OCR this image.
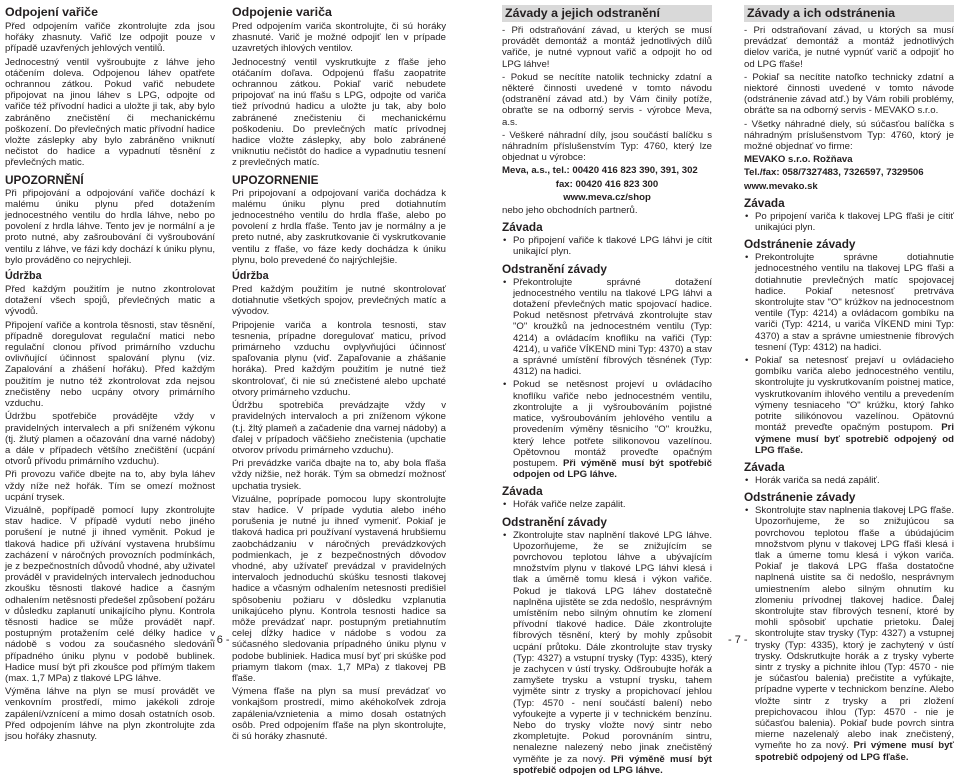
Odpojení vařiče

Před odpojením vařiče zkontrolujte zda jsou hořáky zhasnuty. Vařič lze odpojit pouze v případě uzavřených jehlových ventilů.

Jednocestný ventil vyšroubujte z láhve jeho otáčením doleva. Odpojenou láhev opatřete ochrannou zátkou. Pokud vařič nebudete připojovat na jinou láhev s LPG, odpojte od vařiče též přívodní hadici a uložte ji tak, aby bylo zabráněno znečistění či mechanickému poškození. Do převlečných matic přívodní hadice vložte záslepky aby bylo zabráněno vniknutí nečistot do hadice a vypadnutí těsnění z převlečných matic.

UPOZORNĚNÍ

Při připojování a odpojování vařiče dochází k malému úniku plynu před dotažením jednocestného ventilu do hrdla láhve, nebo po povolení z hrdla láhve. Tento jev je normální a je proto nutné, aby zašroubování či vyšroubování ventilu z láhve, ve fázi kdy dochází k úniku plynu, bylo prováděno co nejrychleji.

Údržba

Před každým použitím je nutno zkontrolovat dotažení všech spojů, převlečných matic a vývodů.

Připojení vařiče a kontrola těsnosti, stav těsnění, případně doregulovat regulační matici nebo regulační clonou přívod primárního vzduchu ovlivňující účinnost spalování plynu (viz. Zapalování a zhášení hořáku). Před každým použitím je nutno též zkontrolovat zda nejsou znečistěny nebo ucpány otvory primárního vzduchu.

Údržbu spotřebiče provádějte vždy v pravidelných intervalech a při sníženém výkonu (tj. žlutý plamen a očazování dna varné nádoby) a dále v případech většího znečištění (ucpání otvorů přívodu primárního vzduchu).

Při provozu vařiče dbejte na to, aby byla láhev vždy níže než hořák. Tím se omezí možnost ucpání trysek.

Vizuálně, popřípadě pomocí lupy zkontrolujte stav hadice. V případě vydutí nebo jiného porušení je nutné ji ihned vyměnit. Pokud je tlaková hadice při užívání vystavena hrubšímu zacházení v náročných provozních podmínkách, je z bezpečnostních důvodů vhodné, aby uživatel prováděl v pravidelných intervalech jednoduchou zkoušku těsnosti tlakové hadice a časným odhalením netěsnosti předešel způsobení požáru v důsledku zaplanutí unikajícího plynu. Kontrola těsnosti hadice se může provádět např. postupným protažením celé délky hadice v nádobě s vodou za současného sledování případného úniku plynu v podobě bublinek. Hadice musí být při zkoušce pod přímým tlakem (max. 1,7 MPa) z tlakové LPG láhve.

Výměna láhve na plyn se musí provádět ve venkovním prostředí, mimo jakékoli zdroje zapálení/vznícení a mimo dosah ostatních osob. Před odpojením láhve na plyn zkontrolujte zda jsou hořáky zhasnuty.

Odpojenie variča

Pred odpojením variča skontrolujte, či sú horáky zhasnuté. Varič je možné odpojiť len v prípade uzavretých ihlových ventilov.

Jednocestný ventil vyskrutkujte z fľaše jeho otáčaním doľava. Odpojenú fľašu zaopatrite ochrannou zátkou. Pokiaľ varič nebudete pripojovať na inú fľašu s LPG, odpojte od variča tiež prívodnú hadicu a uložte ju tak, aby bolo zabránené znečisteniu či mechanickému poškodeniu. Do prevlečných matíc prívodnej hadice vložte záslepky, aby bolo zabránené vniknutiu nečistôt do hadice a vypadnutiu tesnení z prevlečných matíc.

UPOZORNENIE

Pri pripojovaní a odpojovaní variča dochádza k malému úniku plynu pred dotiahnutím jednocestného ventilu do hrdla fľaše, alebo po povolení z hrdla fľaše. Tento jav je normálny a je preto nutné, aby zaskrutkovanie či vyskrutkovanie ventilu z fľaše, vo fáze kedy dochádza k úniku plynu, bolo prevedené čo najrýchlejšie.

Údržba

Pred každým použitím je nutné skontrolovať dotiahnutie všetkých spojov, prevlečných matíc a vývodov.

Pripojenie variča a kontrola tesnosti, stav tesnenia, prípadne doregulovať maticu, prívod primárneho vzduchu ovplyvňujúci účinnosť spaľovania plynu (viď. Zapaľovanie a zhášanie horáka). Pred každým použitím je nutné tiež skontrolovať, či nie sú znečistené alebo upchaté otvory primárneho vzduchu.

Údržbu spotrebiča prevádzajte vždy v pravidelných intervaloch a pri zníženom výkone (t.j. žltý plameň a začadenie dna varnej nádoby) a ďalej v prípadoch väčšieho znečistenia (upchatie otvorov prívodu primárneho vzduchu).

Pri prevádzke variča dbajte na to, aby bola fľaša vždy nižšie, než horák. Tým sa obmedzí možnosť upchatia trysiek.

Vizuálne, poprípade pomocou lupy skontrolujte stav hadice. V prípade vydutia alebo iného porušenia je nutné ju ihneď vymeniť. Pokiaľ je tlaková hadica pri používaní vystavená hrubšiemu zaobchádzaniu v náročných prevádzkových podmienkach, je z bezpečnostných dôvodov vhodné, aby užívateľ prevádzal v pravidelných intervaloch jednoduchú skúšku tesnosti tlakovej hadice a včasným odhalením netesnosti predišiel spôsobeniu požiaru v dôsledku vzplanutia unikajúceho plynu. Kontrola tesnosti hadice sa môže prevádzať napr. postupným pretiahnutím celej dĺžky hadice v nádobe s vodou za súčasného sledovania prípadného úniku plynu v podobe bubliniek. Hadica musí byť pri skúške pod priamym tlakom (max. 1,7 MPa) z tlakovej PB fľaše.

Výmena fľaše na plyn sa musí prevádzať vo vonkajšom prostredí, mimo akéhokoľvek zdroja zapálenia/vznietenia a mimo dosah ostatných osôb. Pred odpojením fľaše na plyn skontrolujte, či sú horáky zhasnuté.

Závady a jejich odstranění
- Při odstraňování závad, u kterých se musí provádět demontáž a montáž jednotlivých dílů vařiče, je nutné vypnout vařič a odpojit ho od LPG láhve!
- Pokud se necítíte natolik technicky zdatní a některé činnosti uvedené v tomto návodu (odstranění závad atd.) by Vám činily potíže, obraťte se na odborný servis - výrobce Meva, a.s.
- Veškeré náhradní díly, jsou součástí balíčku s náhradním příslušenstvím Typ: 4760, který lze objednat u výrobce:

Meva, a.s., tel.: 00420 416 823 390, 391, 302

fax: 00420 416 823 300

www.meva.cz/shop

nebo jeho obchodních partnerů.

Závada
• Po připojení vařiče k tlakové LPG láhvi je cítit unikající plyn.
Odstranění závady
• Překontrolujte správné dotažení jednocestného ventilu na tlakové LPG láhvi a dotažení převlečných matic spojovací hadice. Pokud netěsnost přetrvává zkontrolujte stav "O" kroužků na jednocestném ventilu (Typ: 4214) a ovládacím knoflíku na vařiči (Typ: 4214), u vařiče VÍKEND mini Typ: 4370) a stav a správné umístění fíbrových těsnének (Typ: 4312) na hadici.
• Pokud se netěsnost projeví u ovládacího knoflíku vařiče nebo jednocestném ventilu, zkontrolujte a ji vyšroubováním pojistné matice, vyšroubováním jehlového ventilu a provedením výměny těsnicího "O" kroužku, který lehce potřete silikonovou vazelínou. Opětovnou montáž proveďte opačným postupem. Při výměně musí být spotřebič odpojen od LPG láhve.
Závada
• Hořák vařiče nelze zapálit.
Odstranění závady
• Zkontrolujte stav naplnění tlakové LPG láhve. Upozorňujeme, že se znižujícím se povrchovou teplotou láhve a ubývajícím množstvím plynu v tlakové LPG láhvi klesá i tlak a úměrně tomu klesá i výkon vařiče. Pokud je tlaková LPG láhev dostatečně naplněna ujistěte se zda nedošlo, nesprávným umístěním nebo silným ohnutím ke zlomení přívodní tlakové hadice. Dále zkontrolujte fíbrových těsnění, který by mohly způsobit ucpání průtoku. Dále zkontrolujte stav trysky (Typ: 4327) a vstupní trysky (Typ: 4335), který je zachycen v ústí trysky. Odšroubujte hořák a zamyšete trysku a vstupní trysku, tahem vyjměte sintr z trysky a propichovací jehlou (Typ: 4570 - není součástí balení) nebo vyfoukejte a vyperte ji v technickém benzínu. Nebo do trysky vložte nový sintr nebo zkompletujte. Pokud porovnáním sintru, nenalezne nalezený nebo jinak znečistěný vyměňte je za nový. Při výměně musí být spotřebič odpojen od LPG láhve.
Závady a ich odstránenia
- Pri odstraňovaní závad, u ktorých sa musí prevádzať demontáž a montáž jednotlivých dielov variča, je nutné vypnúť varič a odpojiť ho od LPG fľaše!
- Pokiaľ sa necítite natoľko technicky zdatní a niektoré činnosti uvedené v tomto návode (odstránenie závad atď.) by Vám robili problémy, obráťte sa na odborný servis - MEVAKO s.r.o.
- Všetky náhradné diely, sú súčasťou balíčka s náhradným príslušenstvom Typ: 4760, ktorý je možné objednať vo firme:

MEVAKO s.r.o. Rožňava

Tel./fax: 058/7327483, 7326597, 7329506

www.mevako.sk

Závada
• Po pripojení variča k tlakovej LPG fľaši je cítiť unikajúci plyn.
Odstránenie závady
• Prekontrolujte správne dotiahnutie jednocestného ventilu na tlakovej LPG fľaši a dotiahnutie prevlečných matíc spojovacej hadice. Pokiaľ netesnosť pretrváva skontrolujte stav "O" krúžkov na jednocestnom ventile (Typ: 4214) a ovládacom gombíku na variči (Typ: 4214, u variča VÍKEND mini Typ: 4370) a stav a správne umiestnenie fíbrových tesnení (Typ: 4312) na hadici.
• Pokiaľ sa netesnosť prejaví u ovládacieho gombíku variča alebo jednocestného ventilu, skontrolujte ju vyskrutkovaním poistnej matice, vyskrutkovaním ihlového ventilu a prevedením výmeny tesniaceho "O" krúžku, ktorý ľahko potrite silikónovou vazelínou. Opätovnú montáž preveďte opačným postupom. Pri výmene musí byť spotrebič odpojený od LPG fľaše.
Závada
• Horák variča sa nedá zapáliť.
Odstránenie závady
• Skontrolujte stav naplnenia tlakovej LPG fľaše. Upozorňujeme, že so znižujúcou sa povrchovou teplotou fľaše a úbúdajúcim množstvom plynu v tlakovej LPG fľaši klesá i tlak a úmerne tomu klesá i výkon variča. Pokiaľ je tlaková LPG fľaša dostatočne naplnená uistite sa či nedošlo, nesprávnym umiestnením alebo silným ohnutím ku zlomeniu prívodnej tlakovej hadice. Ďalej skontrolujte stav fíbrových tesnení, ktoré by mohli spôsobiť upchatie prietoku. Ďalej skontrolujte stav trysky (Typ: 4327) a vstupnej trysky (Typ: 4335), ktorý je zachytený v ústí trysky. Odskrutkujte horák a z trysky vyberte sintr z trysky a pichnite ihlou (Typ: 4570 - nie je súčasťou balenia) prečistite a vyfúkajte, prípadne vyperte v technickom benzíne. Alebo vložte sintr z trysky a pri zložení prepichovacou ihlou (Typ: 4570 - nie je súčasťou balenia). Pokiaľ bude povrch sintra mierne nazelenalý alebo inak znečistený, vymeňte ho za nový. Pri výmene musí byť spotrebič odpojený od LPG fľaše.
- 6 -	- 7 -
